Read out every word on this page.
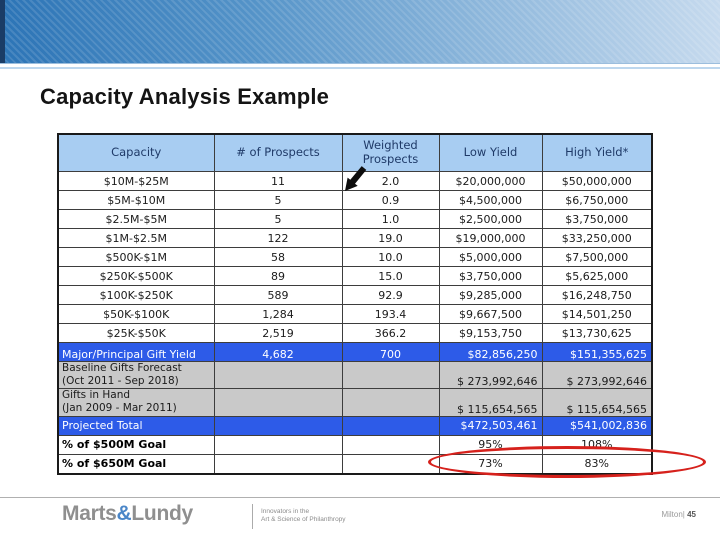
Capacity Analysis Example
Capacity	# of Prospects	Weighted Prospects	Low Yield	High Yield*
$10M-$25M	11	2.0	$20,000,000	$50,000,000
$5M-$10M	5	0.9	$4,500,000	$6,750,000
$2.5M-$5M	5	1.0	$2,500,000	$3,750,000
$1M-$2.5M	122	19.0	$19,000,000	$33,250,000
$500K-$1M	58	10.0	$5,000,000	$7,500,000
$250K-$500K	89	15.0	$3,750,000	$5,625,000
$100K-$250K	589	92.9	$9,285,000	$16,248,750
$50K-$100K	1,284	193.4	$9,667,500	$14,501,250
$25K-$50K	2,519	366.2	$9,153,750	$13,730,625

Major/Principal Gift Yield	4,682	700	$82,856,250	$151,355,625

Baseline Gifts Forecast
(Oct 2011 - Sep 2018)			$ 273,992,646	$ 273,992,646

Gifts in Hand
(Jan 2009 - Mar 2011)			$ 115,654,565	$ 115,654,565

Projected Total			$472,503,461	$541,002,836

% of $500M Goal			95%	108%

% of $650M Goal			73%	83%
Marts&Lundy	Innovators in the
Art & Science of Philanthropy
Milton| 45
